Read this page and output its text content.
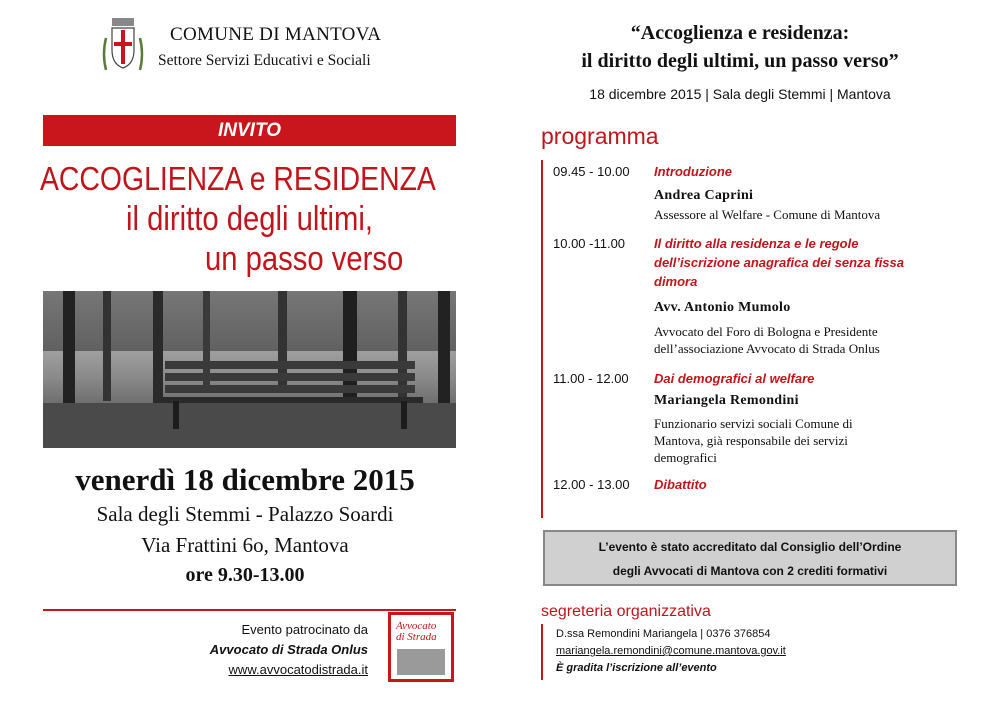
COMUNE DI MANTOVA
Settore Servizi Educativi e Sociali
INVITO
ACCOGLIENZA e RESIDENZA
il diritto degli ultimi,
un passo verso
venerdì 18 dicembre 2015
Sala degli Stemmi - Palazzo Soardi
Via Frattini 6o, Mantova
ore 9.30-13.00
Evento patrocinato da
Avvocato di Strada Onlus
www.avvocatodistrada.it
Avvocato
di Strada
“Accoglienza e residenza:
il diritto degli ultimi, un passo verso”
18 dicembre 2015 | Sala degli Stemmi | Mantova
programma
09.45 - 10.00 Introduzione
Andrea Caprini
Assessore al Welfare - Comune di Mantova
10.00 -11.00 Il diritto alla residenza e le regole
dell’iscrizione anagrafica dei senza fissa
dimora
Avv. Antonio Mumolo
Avvocato del Foro di Bologna e Presidente
dell’associazione Avvocato di Strada Onlus
11.00 - 12.00 Dai demografici al welfare
Mariangela Remondini
Funzionario servizi sociali Comune di
Mantova, già responsabile dei servizi
demografici
12.00 - 13.00 Dibattito
L’evento è stato accreditato dal Consiglio dell’Ordine
degli Avvocati di Mantova con 2 crediti formativi
segreteria organizzativa
D.ssa Remondini Mariangela | 0376 376854
mariangela.remondini@comune.mantova.gov.it
È gradita l’iscrizione all’evento
